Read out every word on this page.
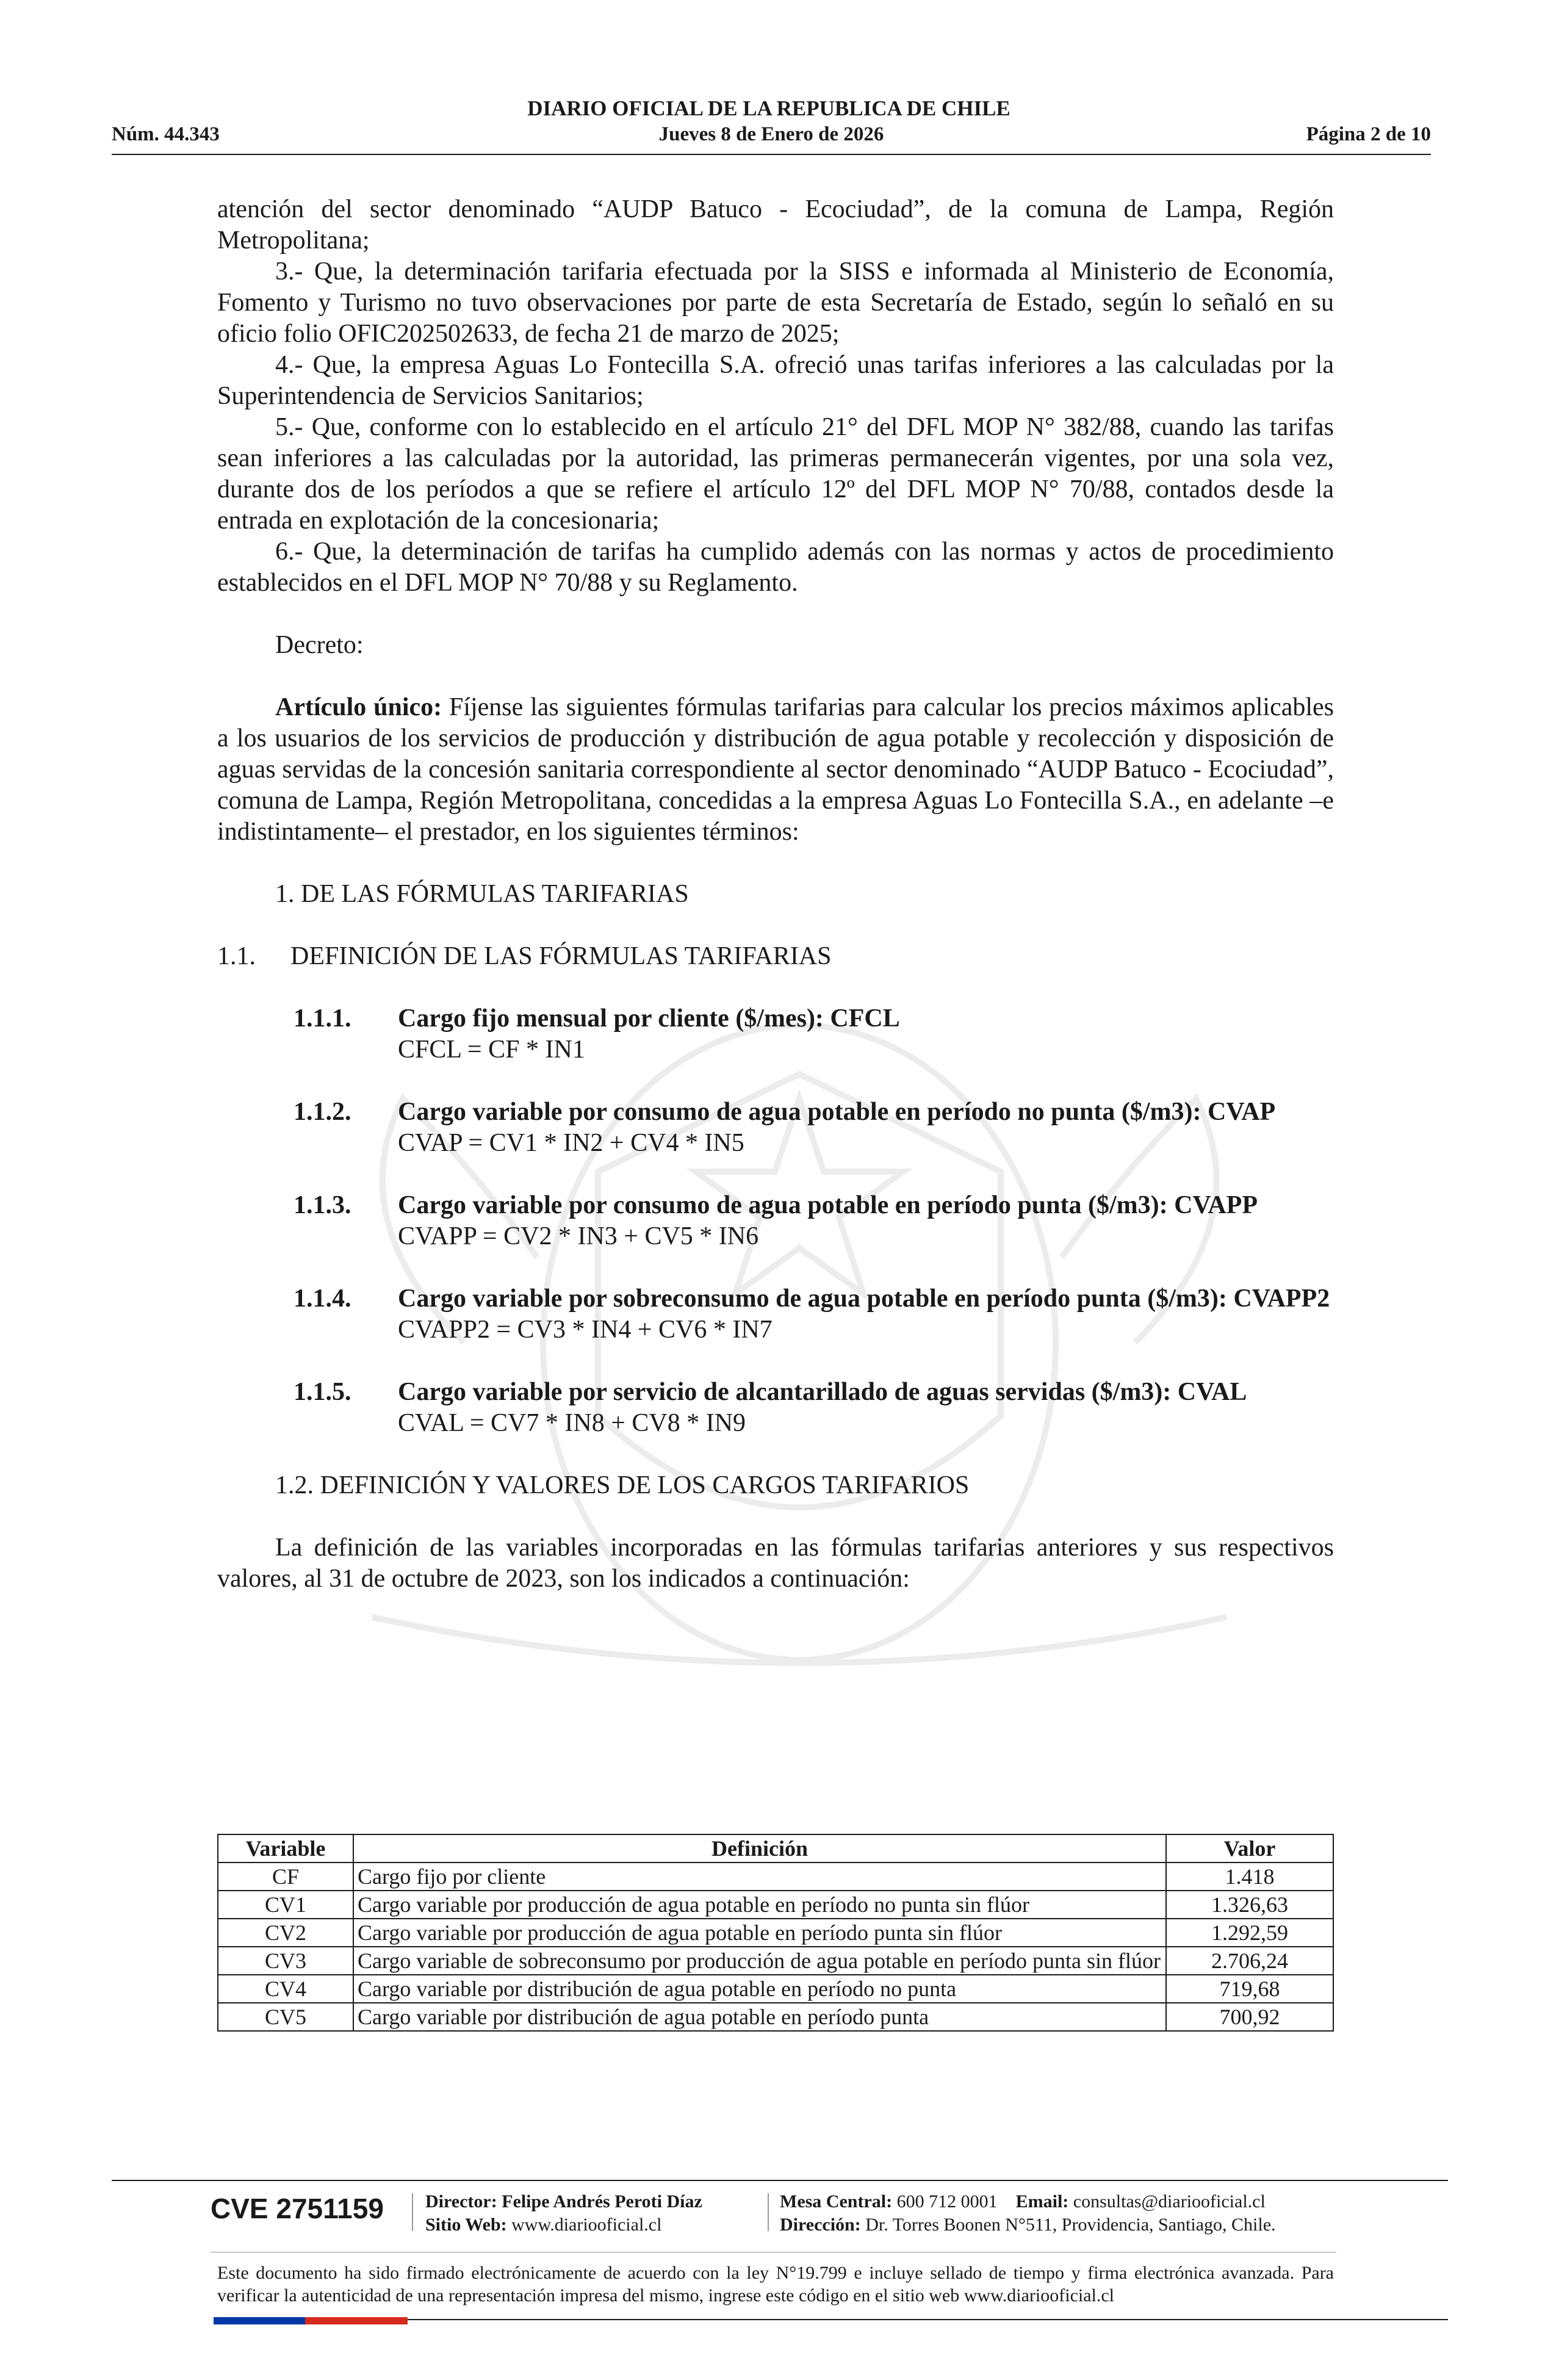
DIARIO OFICIAL DE LA REPUBLICA DE CHILE
Jueves 8 de Enero de 2026
Núm. 44.343	Página 2 de 10

atención del sector denominado “AUDP Batuco - Ecociudad”, de la comuna de Lampa, Región Metropolitana;

3.- Que, la determinación tarifaria efectuada por la SISS e informada al Ministerio de Economía, Fomento y Turismo no tuvo observaciones por parte de esta Secretaría de Estado, según lo señaló en su oficio folio OFIC202502633, de fecha 21 de marzo de 2025;

4.- Que, la empresa Aguas Lo Fontecilla S.A. ofreció unas tarifas inferiores a las calculadas por la Superintendencia de Servicios Sanitarios;

5.- Que, conforme con lo establecido en el artículo 21° del DFL MOP N° 382/88, cuando las tarifas sean inferiores a las calculadas por la autoridad, las primeras permanecerán vigentes, por una sola vez, durante dos de los períodos a que se refiere el artículo 12º del DFL MOP N° 70/88, contados desde la entrada en explotación de la concesionaria;

6.- Que, la determinación de tarifas ha cumplido además con las normas y actos de procedimiento establecidos en el DFL MOP N° 70/88 y su Reglamento.

Decreto:

Artículo único: Fíjense las siguientes fórmulas tarifarias para calcular los precios máximos aplicables a los usuarios de los servicios de producción y distribución de agua potable y recolección y disposición de aguas servidas de la concesión sanitaria correspondiente al sector denominado “AUDP Batuco - Ecociudad”, comuna de Lampa, Región Metropolitana, concedidas a la empresa Aguas Lo Fontecilla S.A., en adelante –e indistintamente– el prestador, en los siguientes términos:

1. DE LAS FÓRMULAS TARIFARIAS

1.1. DEFINICIÓN DE LAS FÓRMULAS TARIFARIAS

1.1.1. Cargo fijo mensual por cliente ($/mes): CFCL
CFCL = CF * IN1
1.1.2. Cargo variable por consumo de agua potable en período no punta ($/m3): CVAP
CVAP = CV1 * IN2 + CV4 * IN5
1.1.3. Cargo variable por consumo de agua potable en período punta ($/m3): CVAPP
CVAPP = CV2 * IN3 + CV5 * IN6
1.1.4. Cargo variable por sobreconsumo de agua potable en período punta ($/m3): CVAPP2
CVAPP2 = CV3 * IN4 + CV6 * IN7
1.1.5. Cargo variable por servicio de alcantarillado de aguas servidas ($/m3): CVAL
CVAL = CV7 * IN8 + CV8 * IN9

1.2. DEFINICIÓN Y VALORES DE LOS CARGOS TARIFARIOS

La definición de las variables incorporadas en las fórmulas tarifarias anteriores y sus respectivos valores, al 31 de octubre de 2023, son los indicados a continuación:

Variable	Definición	Valor
CF	Cargo fijo por cliente	1.418
CV1	Cargo variable por producción de agua potable en período no punta sin flúor	1.326,63
CV2	Cargo variable por producción de agua potable en período punta sin flúor	1.292,59
CV3	Cargo variable de sobreconsumo por producción de agua potable en período punta sin flúor	2.706,24
CV4	Cargo variable por distribución de agua potable en período no punta	719,68
CV5	Cargo variable por distribución de agua potable en período punta	700,92
CVE 2751159 Director: Felipe Andrés Peroti Díaz
Sitio Web: www.diariooficial.cl
Mesa Central: 600 712 0001 Email: consultas@diariooficial.cl
Dirección: Dr. Torres Boonen N°511, Providencia, Santiago, Chile.
Este documento ha sido firmado electrónicamente de acuerdo con la ley N°19.799 e incluye sellado de tiempo y firma electrónica avanzada. Para verificar la autenticidad de una representación impresa del mismo, ingrese este código en el sitio web www.diariooficial.cl
